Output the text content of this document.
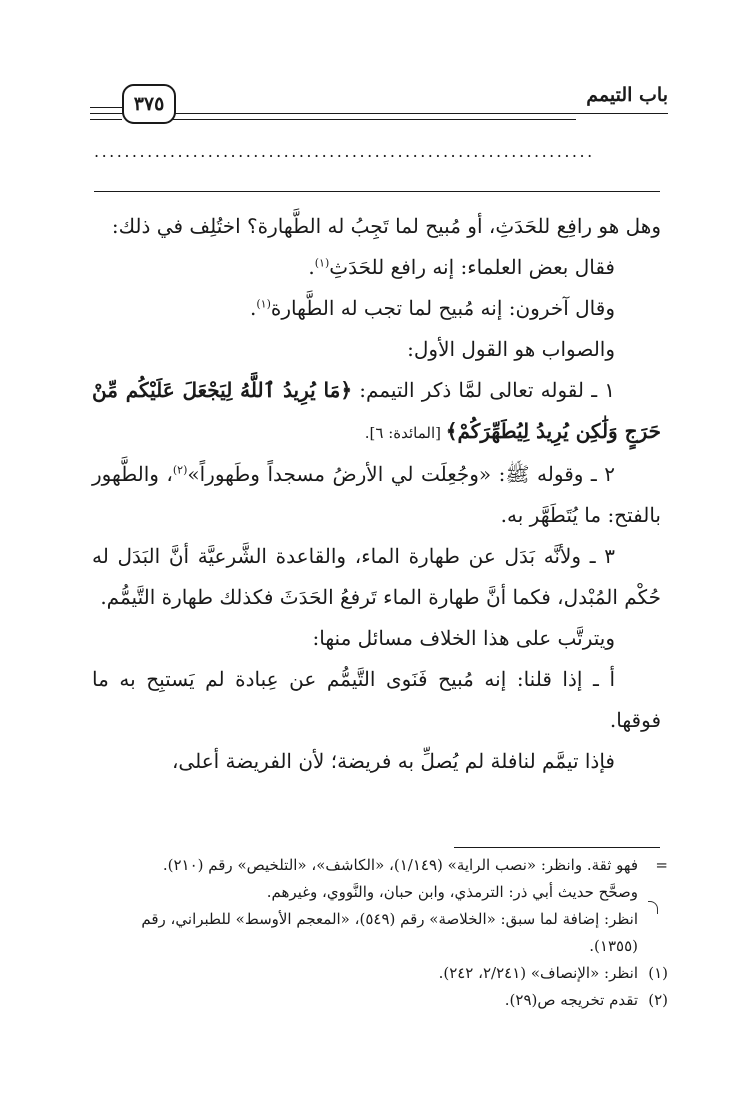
باب التيمم
٣٧٥
..................................................................

وهل هو رافِع للحَدَثِ، أو مُبيح لما تَجِبُ له الطَّهارة؟ اختُلِف في ذلك:

فقال بعض العلماء: إنه رافع للحَدَثِ$^{(١)}$.

وقال آخرون: إنه مُبيح لما تجب له الطَّهارة$^{(١)}$.

والصواب هو القول الأول:

١ ـ لقوله تعالى لمَّا ذكر التيمم: ﴿مَا يُرِيدُ ٱللَّهُ لِيَجْعَلَ عَلَيْكُم مِّنْ حَرَجٍ وَلَٰكِن يُرِيدُ لِيُطَهِّرَكُمْ﴾ [المائدة: ٦].

٢ ـ وقوله ﷺ: «وجُعِلَت لي الأرضُ مسجداً وطَهوراً»$^{(٢)}$، والطَّهور بالفتح: ما يُتَطَهَّر به.

٣ ـ ولأنَّه بَدَل عن طهارة الماء، والقاعدة الشَّرعيَّة أنَّ البَدَل له حُكْم المُبْدل، فكما أنَّ طهارة الماء تَرفعُ الحَدَثَ فكذلك طهارة التَّيمُّم.

ويترتَّب على هذا الخلاف مسائل منها:

أ ـ إذا قلنا: إنه مُبيح فَنَوى التَّيمُّم عن عِبادة لم يَستبِح به ما فوقها.

فإذا تيمَّم لنافلة لم يُصلِّ به فريضة؛ لأن الفريضة أعلى،

=
فهو ثقة. وانظر: «نصب الراية» (١/١٤٩)، «الكاشف»، «التلخيص» رقم (٢١٠).
وصحَّح حديث أبي ذر: الترمذي، وابن حبان، والنَّووي، وغيرهم.
انظر: إضافة لما سبق: «الخلاصة» رقم (٥٤٩)، «المعجم الأوسط» للطبراني، رقم (١٣٥٥).
(١)
انظر: «الإنصاف» (٢/٢٤١، ٢٤٢).
(٢)
تقدم تخريجه ص(٢٩).
